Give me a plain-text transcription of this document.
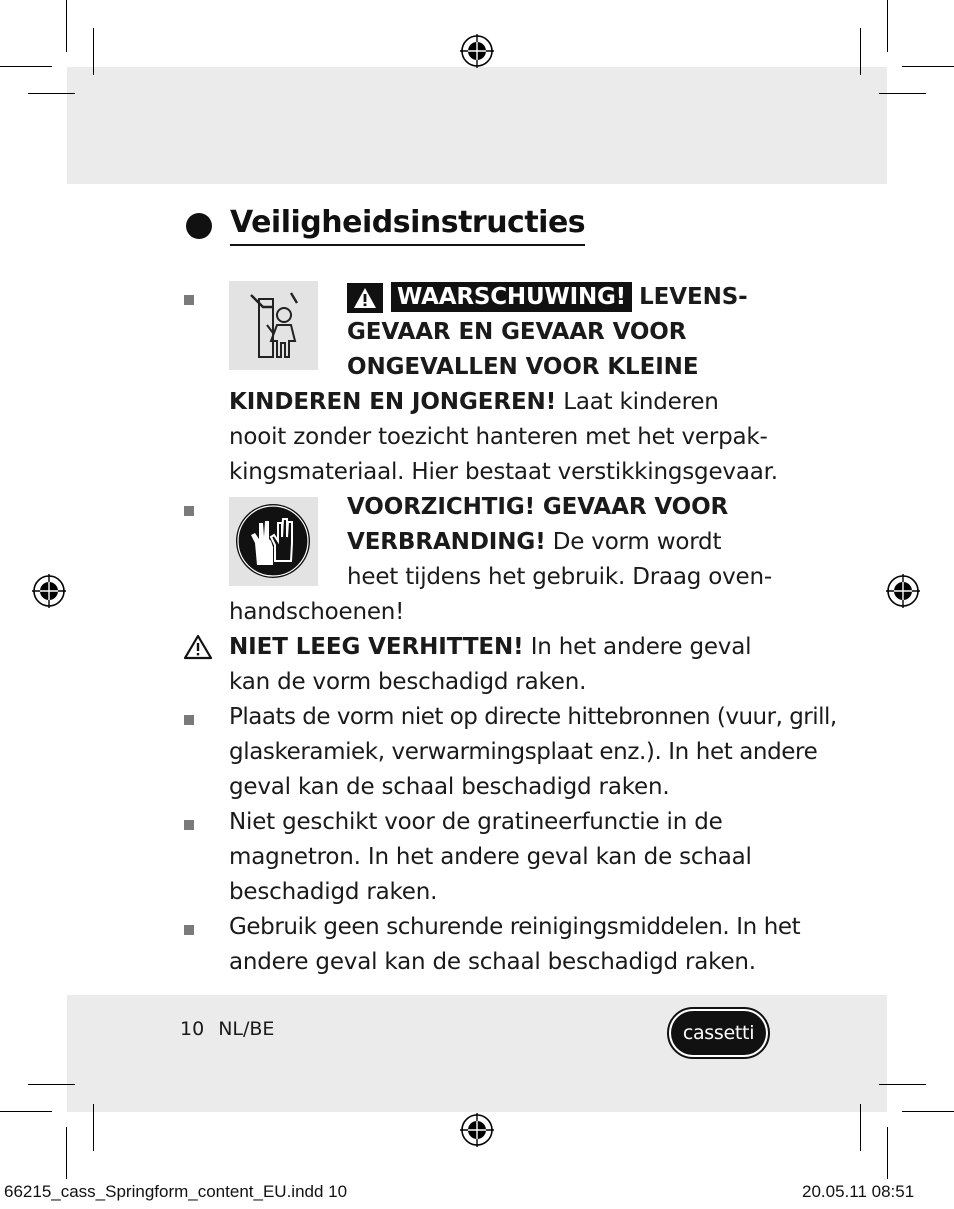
Veiligheidsinstructies
WAARSCHUWING! LEVENS-
GEVAAR EN GEVAAR VOOR
ONGEVALLEN VOOR KLEINE
KINDEREN EN JONGEREN! Laat kinderen
nooit zonder toezicht hanteren met het verpak-
kingsmateriaal. Hier bestaat verstikkingsgevaar.
VOORZICHTIG! GEVAAR VOOR
VERBRANDING! De vorm wordt
heet tijdens het gebruik. Draag oven-
handschoenen!
NIET LEEG VERHITTEN! In het andere geval
kan de vorm beschadigd raken.
Plaats de vorm niet op directe hittebronnen (vuur, grill,
glaskeramiek, verwarmingsplaat enz.). In het andere
geval kan de schaal beschadigd raken.
Niet geschikt voor de gratineerfunctie in de
magnetron. In het andere geval kan de schaal
beschadigd raken.
Gebruik geen schurende reinigingsmiddelen. In het
andere geval kan de schaal beschadigd raken.
10 NL/BE	cassetti
66215_cass_Springform_content_EU.indd 10	20.05.11 08:51
